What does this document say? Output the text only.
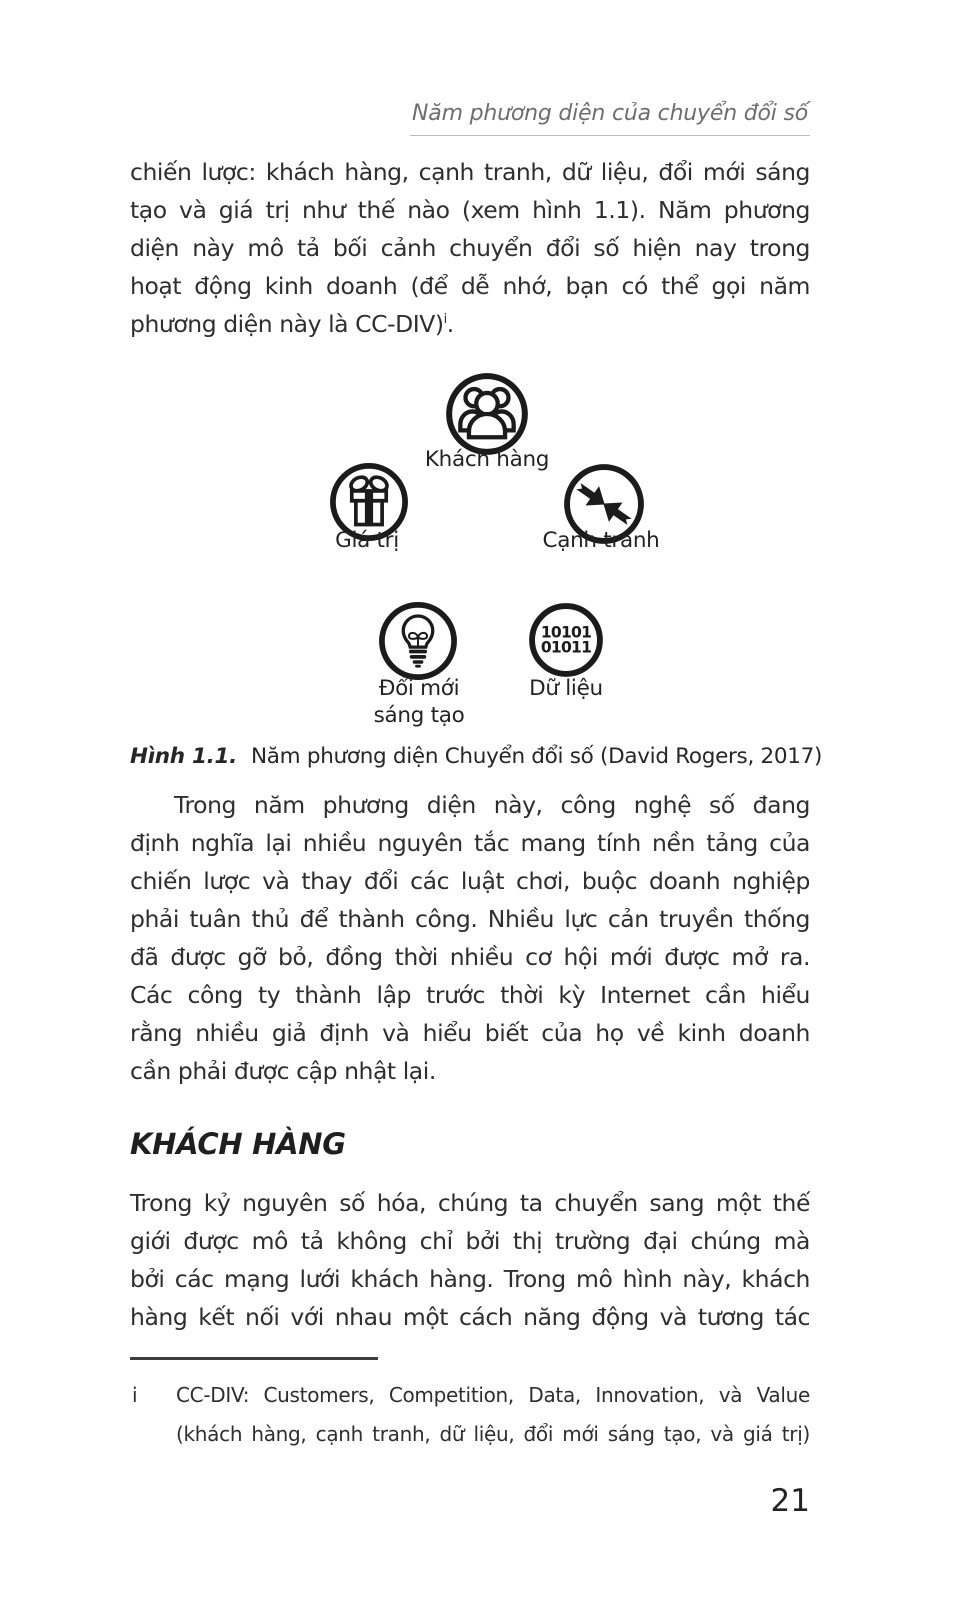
Năm phương diện của chuyển đổi số
chiến lược: khách hàng, cạnh tranh, dữ liệu, đổi mới sáng
tạo và giá trị như thế nào (xem hình 1.1). Năm phương
diện này mô tả bối cảnh chuyển đổi số hiện nay trong
hoạt động kinh doanh (để dễ nhớ, bạn có thể gọi năm
phương diện này là CC-DIV)$^i$.
Khách hàng
Giá trị	Cạnh tranh
Đổi mới
sáng tạo
10101
01011
Dữ liệu
Hình 1.1. Năm phương diện Chuyển đổi số (David Rogers, 2017)
Trong năm phương diện này, công nghệ số đang
định nghĩa lại nhiều nguyên tắc mang tính nền tảng của
chiến lược và thay đổi các luật chơi, buộc doanh nghiệp
phải tuân thủ để thành công. Nhiều lực cản truyền thống
đã được gỡ bỏ, đồng thời nhiều cơ hội mới được mở ra.
Các công ty thành lập trước thời kỳ Internet cần hiểu
rằng nhiều giả định và hiểu biết của họ về kinh doanh
cần phải được cập nhật lại.
KHÁCH HÀNG
Trong kỷ nguyên số hóa, chúng ta chuyển sang một thế
giới được mô tả không chỉ bởi thị trường đại chúng mà
bởi các mạng lưới khách hàng. Trong mô hình này, khách
hàng kết nối với nhau một cách năng động và tương tác
i CC-DIV: Customers, Competition, Data, Innovation, và Value
(khách hàng, cạnh tranh, dữ liệu, đổi mới sáng tạo, và giá trị)
21
